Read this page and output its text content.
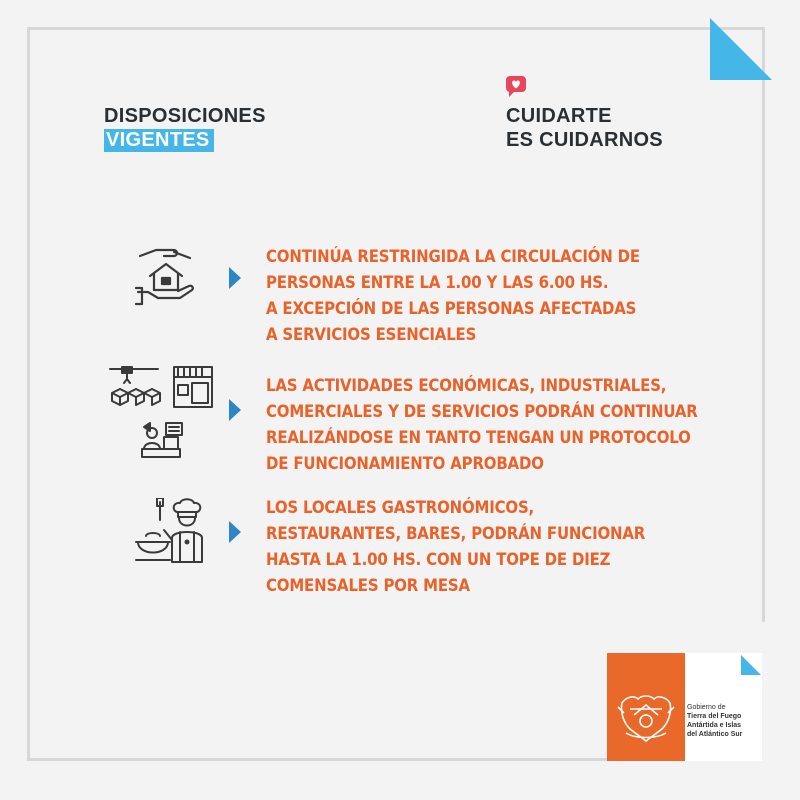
DISPOSICIONES
VIGENTES
CUIDARTE
ES CUIDARNOS
CONTINÚA RESTRINGIDA LA CIRCULACIÓN DE
PERSONAS ENTRE LA 1.00 Y LAS 6.00 HS.
A EXCEPCIÓN DE LAS PERSONAS AFECTADAS
A SERVICIOS ESENCIALES
LAS ACTIVIDADES ECONÓMICAS, INDUSTRIALES,
COMERCIALES Y DE SERVICIOS PODRÁN CONTINUAR
REALIZÁNDOSE EN TANTO TENGAN UN PROTOCOLO
DE FUNCIONAMIENTO APROBADO
LOS LOCALES GASTRONÓMICOS,
RESTAURANTES, BARES, PODRÁN FUNCIONAR
HASTA LA 1.00 HS. CON UN TOPE DE DIEZ
COMENSALES POR MESA
Gobierno de
Tierra del Fuego
Antártida e Islas
del Atlántico Sur
